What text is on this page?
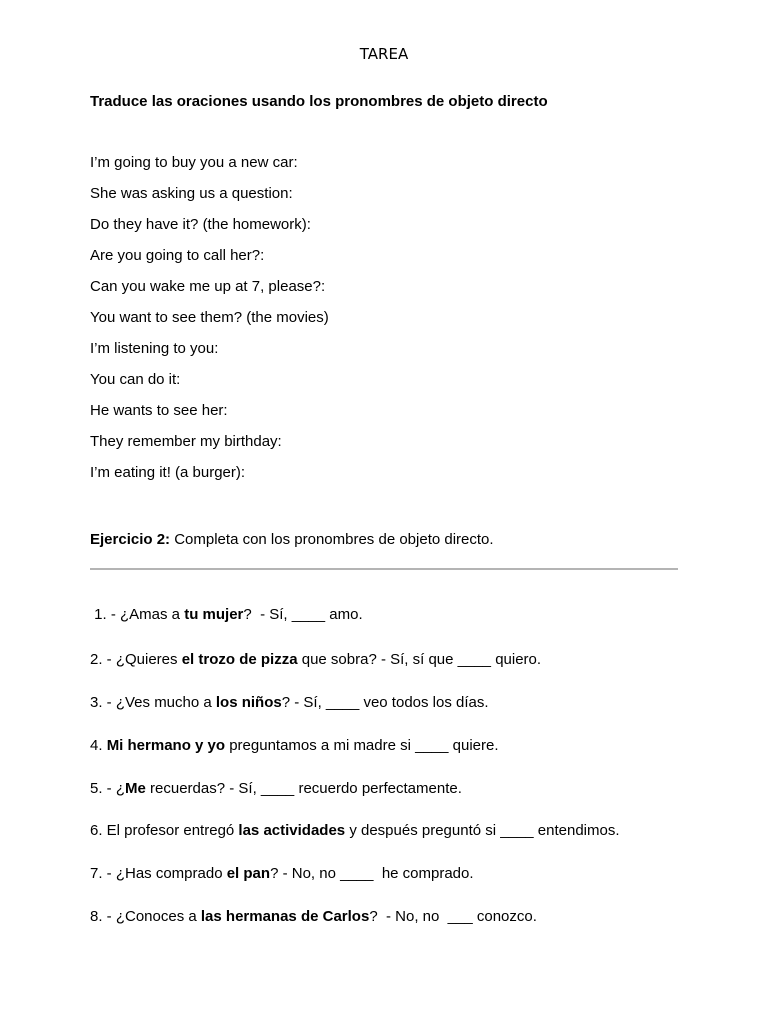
TAREA
Traduce las oraciones usando los pronombres de objeto directo
I’m going to buy you a new car:
She was asking us a question:
Do they have it? (the homework):
Are you going to call her?:
Can you wake me up at 7, please?:
You want to see them? (the movies)
I’m listening to you:
You can do it:
He wants to see her:
They remember my birthday:
I’m eating it! (a burger):
Ejercicio 2: Completa con los pronombres de objeto directo.
1. - ¿Amas a tu mujer?  - Sí, ____ amo.
2. - ¿Quieres el trozo de pizza que sobra? - Sí, sí que ____ quiero.
3. - ¿Ves mucho a los niños? - Sí, ____ veo todos los días.
4. Mi hermano y yo preguntamos a mi madre si ____ quiere.
5. - ¿Me recuerdas? - Sí, ____ recuerdo perfectamente.
6. El profesor entregó las actividades y después preguntó si ____ entendimos.
7. - ¿Has comprado el pan? - No, no ____  he comprado.
8. - ¿Conoces a las hermanas de Carlos?  - No, no  ___ conozco.
